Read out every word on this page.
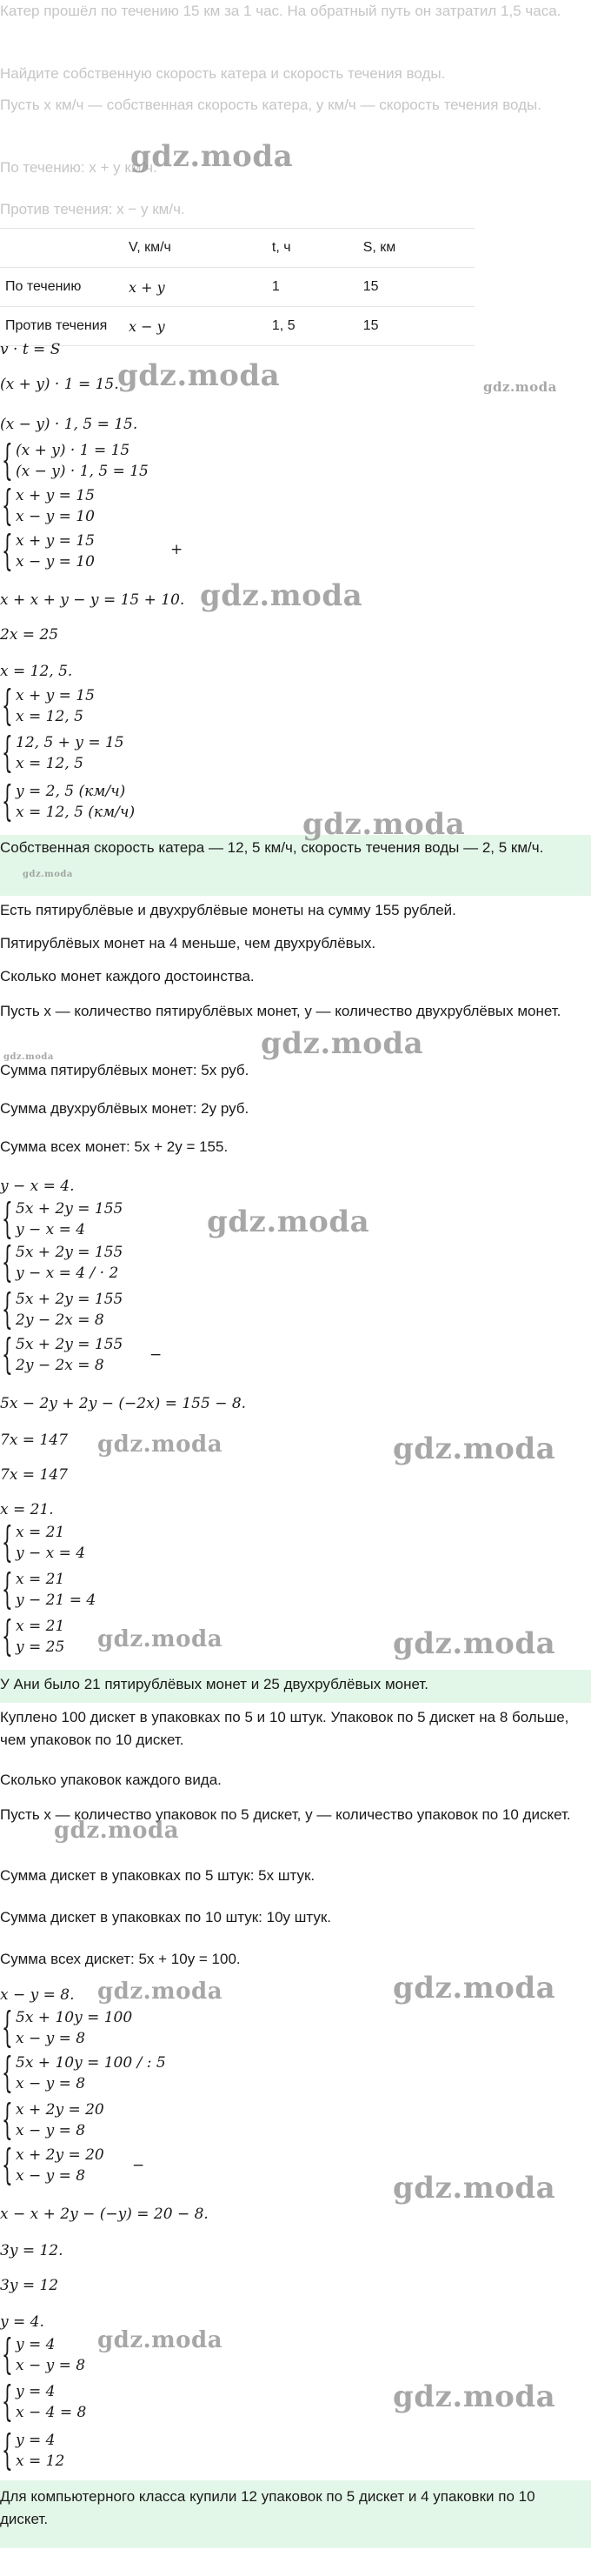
Катер прошёл по течению 15 км за 1 час. На обратный путь он затратил 1,5 часа.
Найдите собственную скорость катера и скорость течения воды.
Пусть x км/ч — собственная скорость катера, y км/ч — скорость течения воды.
По течению: x + y км/ч.
Против течения: x − y км/ч.
	V, км/ч	t, ч	S, км
По течению	x + y	1	15
Против течения	x − y	1, 5	15
v · t = S
(x + y) · 1 = 15.
(x − y) · 1, 5 = 15.
{ (x + y) · 1 = 15
(x − y) · 1, 5 = 15
{ x + y = 15
x − y = 10
{ x + y = 15
x − y = 10
+
x + x + y − y = 15 + 10.
2x = 25
x = 12, 5.
{ x + y = 15
x = 12, 5
{ 12, 5 + y = 15
x = 12, 5
{ y = 2, 5 (км/ч)
x = 12, 5 (км/ч)
Собственная скорость катера — 12, 5 км/ч, скорость течения воды — 2, 5 км/ч.
Есть пятирублёвые и двухрублёвые монеты на сумму 155 рублей.
Пятирублёвых монет на 4 меньше, чем двухрублёвых.
Сколько монет каждого достоинства.
Пусть x — количество пятирублёвых монет, y — количество двухрублёвых монет.
Сумма пятирублёвых монет: 5x руб.
Сумма двухрублёвых монет: 2y руб.
Сумма всех монет: 5x + 2y = 155.
y − x = 4.
{ 5x + 2y = 155
y − x = 4
{ 5x + 2y = 155
y − x = 4 / · 2
{ 5x + 2y = 155
2y − 2x = 8
{ 5x + 2y = 155
2y − 2x = 8
−
5x − 2y + 2y − (−2x) = 155 − 8.
7x = 147
7x = 147
x = 21.
{ x = 21
y − x = 4
{ x = 21
y − 21 = 4
{ x = 21
y = 25
У Ани было 21 пятирублёвых монет и 25 двухрублёвых монет.
Куплено 100 дискет в упаковках по 5 и 10 штук. Упаковок по 5 дискет на 8 больше, чем упаковок по 10 дискет.
Сколько упаковок каждого вида.
Пусть x — количество упаковок по 5 дискет, y — количество упаковок по 10 дискет.
Сумма дискет в упаковках по 5 штук: 5x штук.
Сумма дискет в упаковках по 10 штук: 10y штук.
Сумма всех дискет: 5x + 10y = 100.
x − y = 8.
{ 5x + 10y = 100
x − y = 8
{ 5x + 10y = 100 / : 5
x − y = 8
{ x + 2y = 20
x − y = 8
{ x + 2y = 20
x − y = 8
−
x − x + 2y − (−y) = 20 − 8.
3y = 12.
3y = 12
y = 4.
{ y = 4
x − y = 8
{ y = 4
x − 4 = 8
{ y = 4
x = 12
Для компьютерного класса купили 12 упаковок по 5 дискет и 4 упаковки по 10 дискет.
gdz.moda
gdz.moda	gdz.moda
gdz.moda
gdz.moda
gdz.moda
gdz.moda
gdz.moda
gdz.moda
gdz.moda	gdz.moda
gdz.moda	gdz.moda
gdz.moda
gdz.moda
gdz.moda
gdz.moda
gdz.moda
gdz.moda
